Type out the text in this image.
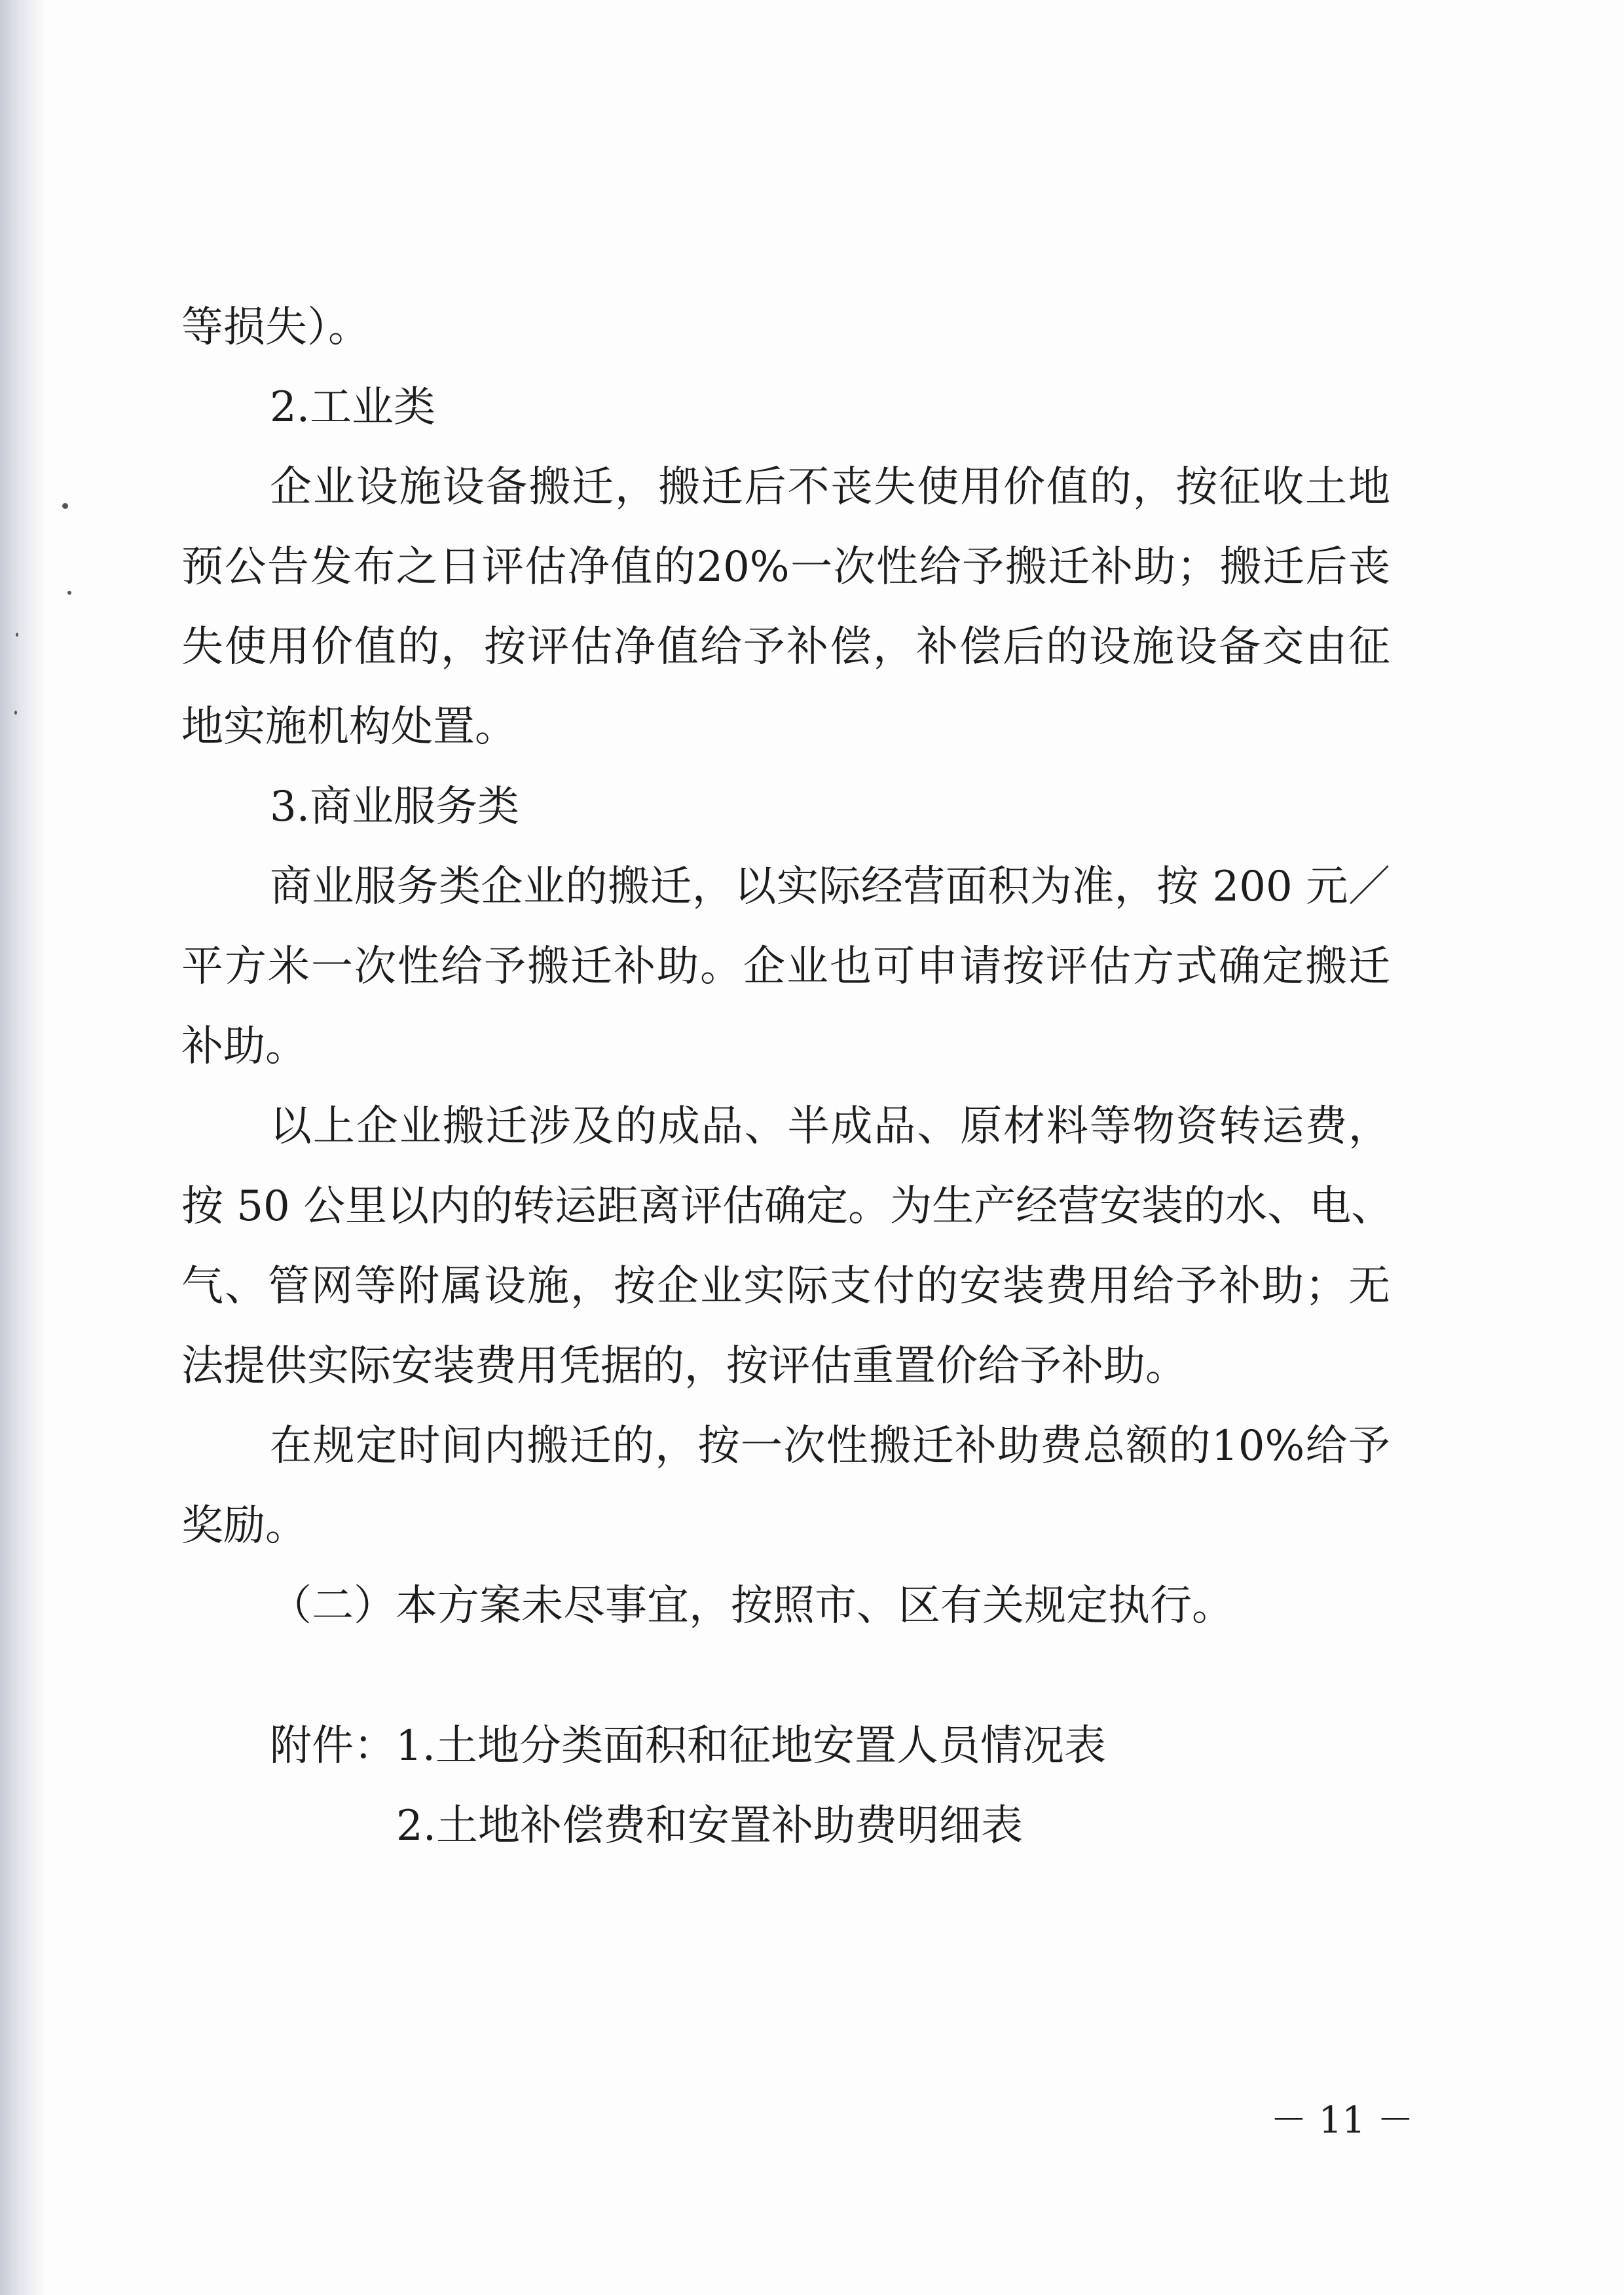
等损失）。
2.工业类
企业设施设备搬迁，搬迁后不丧失使用价值的，按征收土地
预公告发布之日评估净值的20%一次性给予搬迁补助；搬迁后丧
失使用价值的，按评估净值给予补偿，补偿后的设施设备交由征
地实施机构处置。
3.商业服务类
商业服务类企业的搬迁，以实际经营面积为准，按 200 元／
平方米一次性给予搬迁补助。企业也可申请按评估方式确定搬迁
补助。
以上企业搬迁涉及的成品、半成品、原材料等物资转运费，
按 50 公里以内的转运距离评估确定。为生产经营安装的水、电、
气、管网等附属设施，按企业实际支付的安装费用给予补助；无
法提供实际安装费用凭据的，按评估重置价给予补助。
在规定时间内搬迁的，按一次性搬迁补助费总额的10%给予
奖励。
（二）本方案未尽事宜，按照市、区有关规定执行。
附件：1.土地分类面积和征地安置人员情况表
2.土地补偿费和安置补助费明细表
－ 11 －
